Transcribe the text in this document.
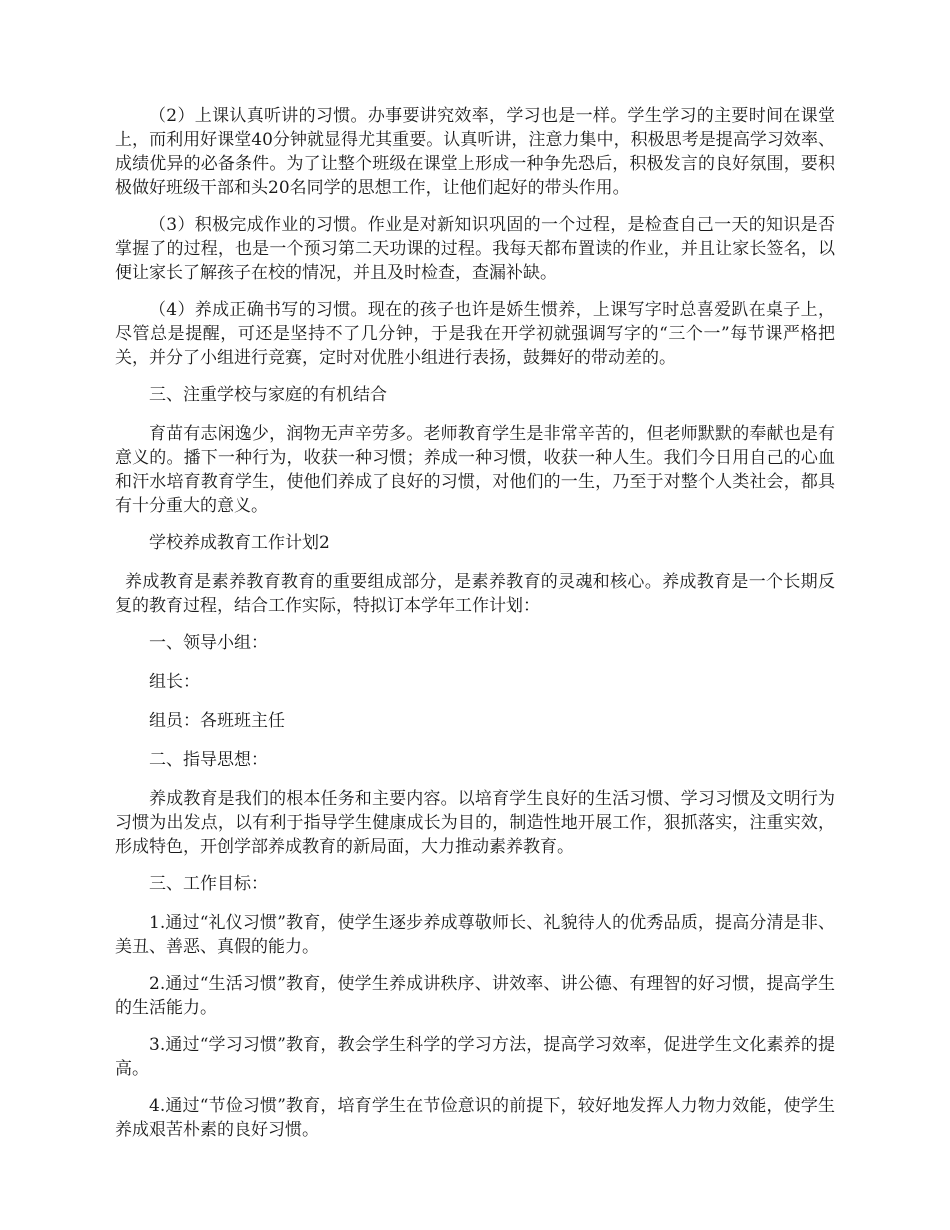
（2）上课认真听讲的习惯。办事要讲究效率，学习也是一样。学生学习的主要时间在课堂上，而利用好课堂40分钟就显得尤其重要。认真听讲，注意力集中，积极思考是提高学习效率、成绩优异的必备条件。为了让整个班级在课堂上形成一种争先恐后，积极发言的良好氛围，要积极做好班级干部和头20名同学的思想工作，让他们起好的带头作用。

（3）积极完成作业的习惯。作业是对新知识巩固的一个过程，是检查自己一天的知识是否掌握了的过程，也是一个预习第二天功课的过程。我每天都布置读的作业，并且让家长签名，以便让家长了解孩子在校的情况，并且及时检查，查漏补缺。

（4）养成正确书写的习惯。现在的孩子也许是娇生惯养，上课写字时总喜爱趴在桌子上，尽管总是提醒，可还是坚持不了几分钟，于是我在开学初就强调写字的“三个一”每节课严格把关，并分了小组进行竞赛，定时对优胜小组进行表扬，鼓舞好的带动差的。

三、注重学校与家庭的有机结合

育苗有志闲逸少，润物无声辛劳多。老师教育学生是非常辛苦的，但老师默默的奉献也是有意义的。播下一种行为，收获一种习惯；养成一种习惯，收获一种人生。我们今日用自己的心血和汗水培育教育学生，使他们养成了良好的习惯，对他们的一生，乃至于对整个人类社会，都具有十分重大的意义。

学校养成教育工作计划2

养成教育是素养教育教育的重要组成部分，是素养教育的灵魂和核心。养成教育是一个长期反复的教育过程，结合工作实际，特拟订本学年工作计划：

一、领导小组：

组长：

组员：各班班主任

二、指导思想：

养成教育是我们的根本任务和主要内容。以培育学生良好的生活习惯、学习习惯及文明行为习惯为出发点，以有利于指导学生健康成长为目的，制造性地开展工作，狠抓落实，注重实效，形成特色，开创学部养成教育的新局面，大力推动素养教育。

三、工作目标：

1.通过“礼仪习惯”教育，使学生逐步养成尊敬师长、礼貌待人的优秀品质，提高分清是非、美丑、善恶、真假的能力。

2.通过“生活习惯”教育，使学生养成讲秩序、讲效率、讲公德、有理智的好习惯，提高学生的生活能力。

3.通过“学习习惯”教育，教会学生科学的学习方法，提高学习效率，促进学生文化素养的提高。

4.通过“节俭习惯”教育，培育学生在节俭意识的前提下，较好地发挥人力物力效能，使学生养成艰苦朴素的良好习惯。
